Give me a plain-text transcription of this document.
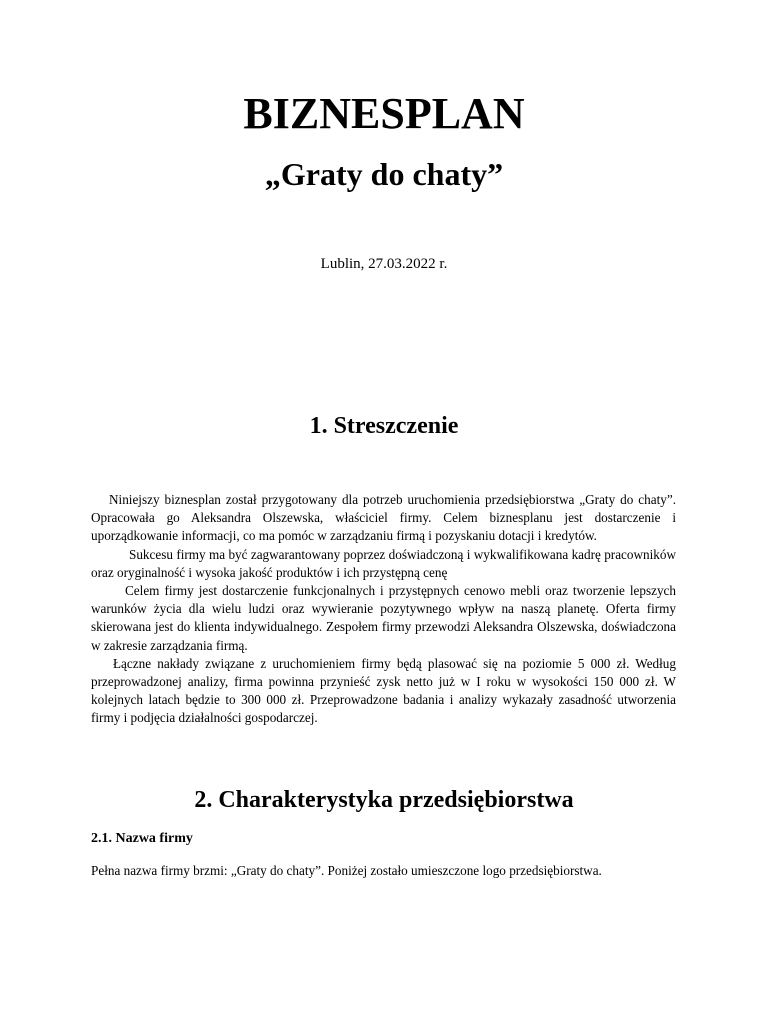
BIZNESPLAN
„Graty do chaty”
Lublin, 27.03.2022 r.
1. Streszczenie

Niniejszy biznesplan został przygotowany dla potrzeb uruchomienia przedsiębiorstwa „Graty do chaty”. Opracowała go Aleksandra Olszewska, właściciel firmy. Celem biznesplanu jest dostarczenie i uporządkowanie informacji, co ma pomóc w zarządzaniu firmą i pozyskaniu dotacji i kredytów.

Sukcesu firmy ma być zagwarantowany poprzez doświadczoną i wykwalifikowana kadrę pracowników oraz oryginalność i wysoka jakość produktów i ich przystępną cenę

Celem firmy jest dostarczenie funkcjonalnych i przystępnych cenowo mebli oraz tworzenie lepszych warunków życia dla wielu ludzi oraz wywieranie pozytywnego wpływ na naszą planetę. Oferta firmy skierowana jest do klienta indywidualnego. Zespołem firmy przewodzi Aleksandra Olszewska, doświadczona w zakresie zarządzania firmą.

Łączne nakłady związane z uruchomieniem firmy będą plasować się na poziomie 5 000 zł. Według przeprowadzonej analizy, firma powinna przynieść zysk netto już w I roku w wysokości 150 000 zł. W kolejnych latach będzie to 300 000 zł. Przeprowadzone badania i analizy wykazały zasadność utworzenia firmy i podjęcia działalności gospodarczej.

2. Charakterystyka przedsiębiorstwa
2.1. Nazwa firmy

Pełna nazwa firmy brzmi: „Graty do chaty”. Poniżej zostało umieszczone logo przedsiębiorstwa.
